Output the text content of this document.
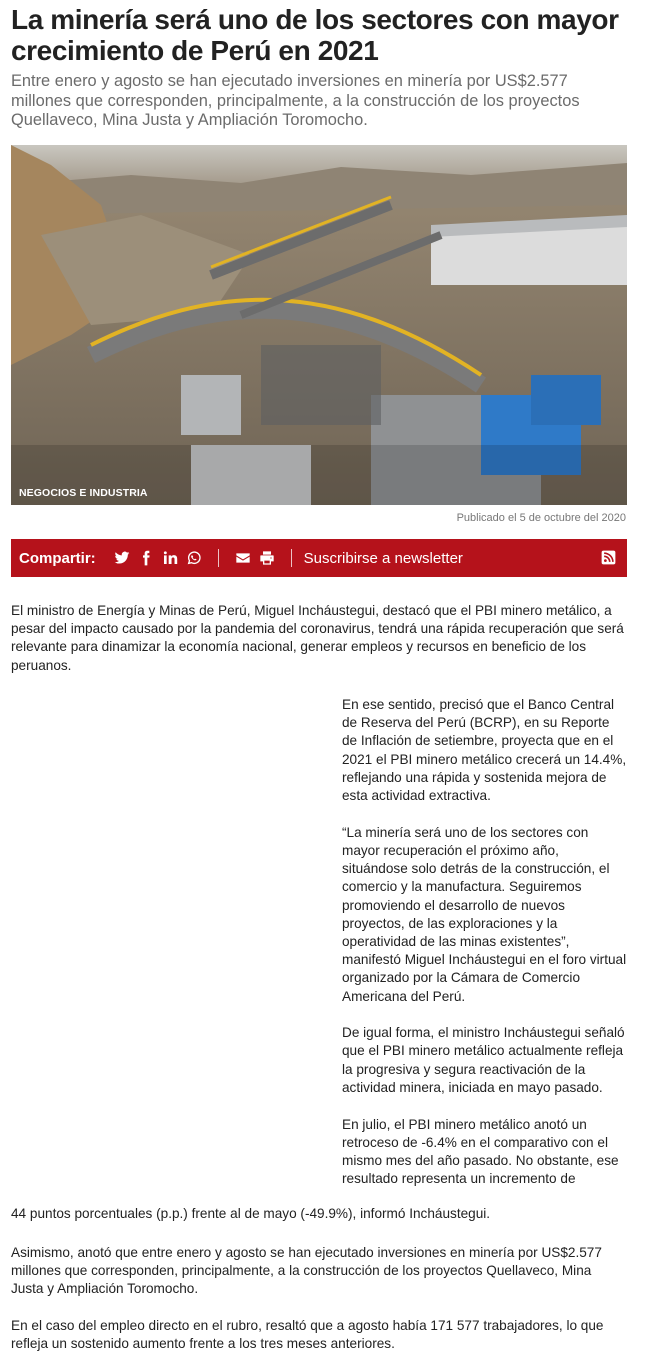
La minería será uno de los sectores con mayor crecimiento de Perú en 2021

Entre enero y agosto se han ejecutado inversiones en minería por US$2.577 millones que corresponden, principalmente, a la construcción de los proyectos Quellaveco, Mina Justa y Ampliación Toromocho.

NEGOCIOS E INDUSTRIA
Publicado el 5 de octubre del 2020
Compartir:	Suscribirse a newsletter

El ministro de Energía y Minas de Perú, Miguel Incháustegui, destacó que el PBI minero metálico, a pesar del impacto causado por la pandemia del coronavirus, tendrá una rápida recuperación que será relevante para dinamizar la economía nacional, generar empleos y recursos en beneficio de los peruanos.

En ese sentido, precisó que el Banco Central de Reserva del Perú (BCRP), en su Reporte de Inflación de setiembre, proyecta que en el 2021 el PBI minero metálico crecerá un 14.4%, reflejando una rápida y sostenida mejora de esta actividad extractiva.

“La minería será uno de los sectores con mayor recuperación el próximo año, situándose solo detrás de la construcción, el comercio y la manufactura. Seguiremos promoviendo el desarrollo de nuevos proyectos, de las exploraciones y la operatividad de las minas existentes”, manifestó Miguel Incháustegui en el foro virtual organizado por la Cámara de Comercio Americana del Perú.

De igual forma, el ministro Incháustegui señaló que el PBI minero metálico actualmente refleja la progresiva y segura reactivación de la actividad minera, iniciada en mayo pasado.

En julio, el PBI minero metálico anotó un retroceso de -6.4% en el comparativo con el mismo mes del año pasado. No obstante, ese resultado representa un incremento de

44 puntos porcentuales (p.p.) frente al de mayo (-49.9%), informó Incháustegui.

Asimismo, anotó que entre enero y agosto se han ejecutado inversiones en minería por US$2.577 millones que corresponden, principalmente, a la construcción de los proyectos Quellaveco, Mina Justa y Ampliación Toromocho.

En el caso del empleo directo en el rubro, resaltó que a agosto había 171 577 trabajadores, lo que refleja un sostenido aumento frente a los tres meses anteriores.
